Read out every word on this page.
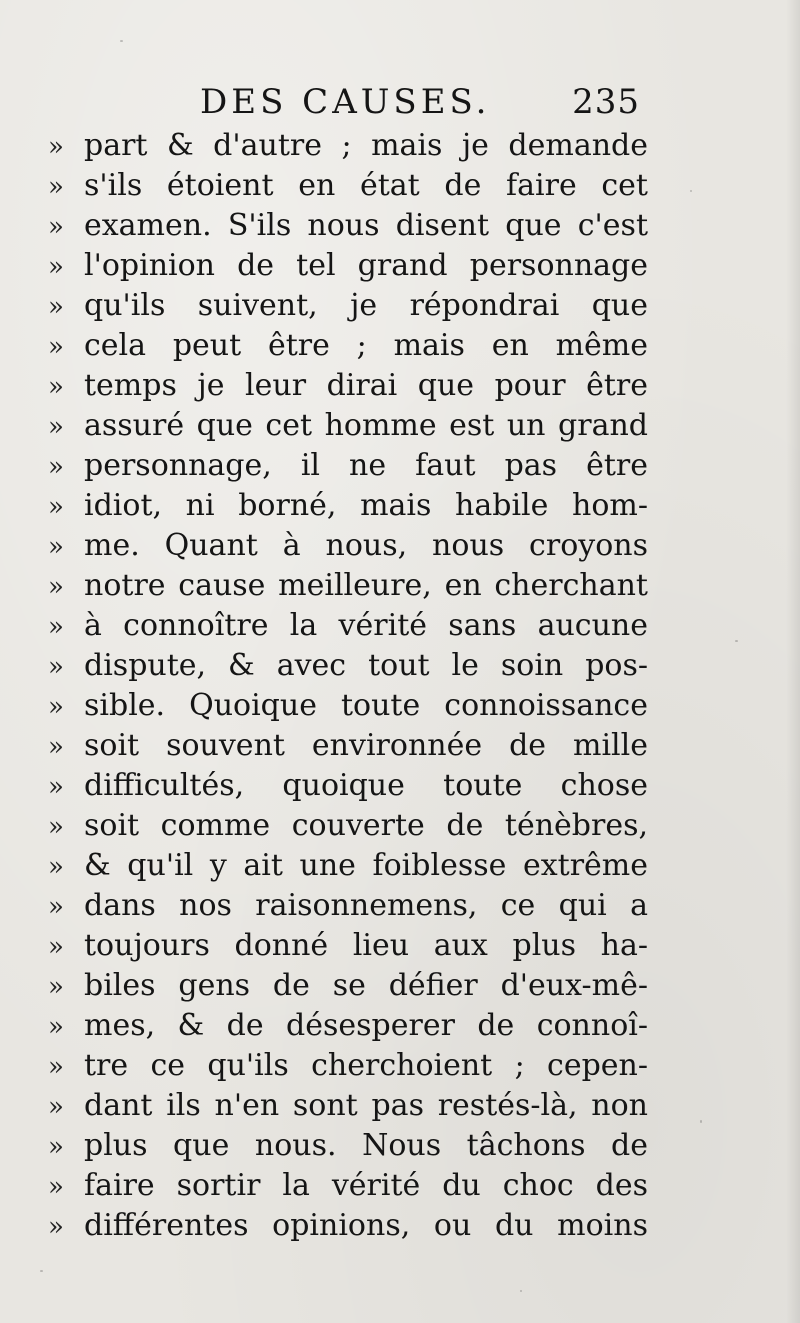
DES CAUSES. 235
» part & d'autre ; mais je demande
» s'ils étoient en état de faire cet
» examen. S'ils nous disent que c'est
» l'opinion de tel grand personnage
» qu'ils suivent, je répondrai que
» cela peut être ; mais en même
» temps je leur dirai que pour être
» assuré que cet homme est un grand
» personnage, il ne faut pas être
» idiot, ni borné, mais habile hom-
» me. Quant à nous, nous croyons
» notre cause meilleure, en cherchant
» à connoître la vérité sans aucune
» dispute, & avec tout le soin pos-
» sible. Quoique toute connoissance
» soit souvent environnée de mille
» difficultés, quoique toute chose
» soit comme couverte de ténèbres,
» & qu'il y ait une foiblesse extrême
» dans nos raisonnemens, ce qui a
» toujours donné lieu aux plus ha-
» biles gens de se défier d'eux-mê-
» mes, & de désesperer de connoî-
» tre ce qu'ils cherchoient ; cepen-
» dant ils n'en sont pas restés-là, non
» plus que nous. Nous tâchons de
» faire sortir la vérité du choc des
» différentes opinions, ou du moins
